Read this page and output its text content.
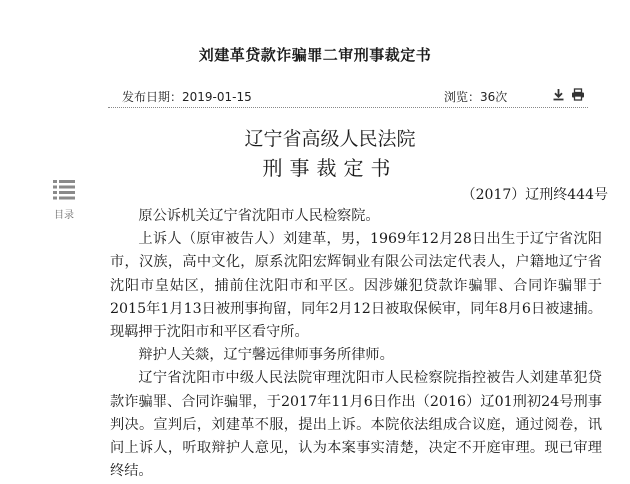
刘建革贷款诈骗罪二审刑事裁定书
发布日期：2019-01-15	浏览：36次
辽宁省高级人民法院
刑事裁定书
（2017）辽刑终444号
目录	原公诉机关辽宁省沈阳市人民检察院。

上诉人（原审被告人）刘建革，男，1969年12月28日出生于辽宁省沈阳市，汉族，高中文化，原系沈阳宏辉铜业有限公司法定代表人，户籍地辽宁省沈阳市皇姑区，捕前住沈阳市和平区。因涉嫌犯贷款诈骗罪、合同诈骗罪于2015年1月13日被刑事拘留，同年2月12日被取保候审，同年8月6日被逮捕。现羁押于沈阳市和平区看守所。

辩护人关燚，辽宁馨远律师事务所律师。

辽宁省沈阳市中级人民法院审理沈阳市人民检察院指控被告人刘建革犯贷款诈骗罪、合同诈骗罪，于2017年11月6日作出（2016）辽01刑初24号刑事判决。宣判后，刘建革不服，提出上诉。本院依法组成合议庭，通过阅卷，讯问上诉人，听取辩护人意见，认为本案事实清楚，决定不开庭审理。现已审理终结。
